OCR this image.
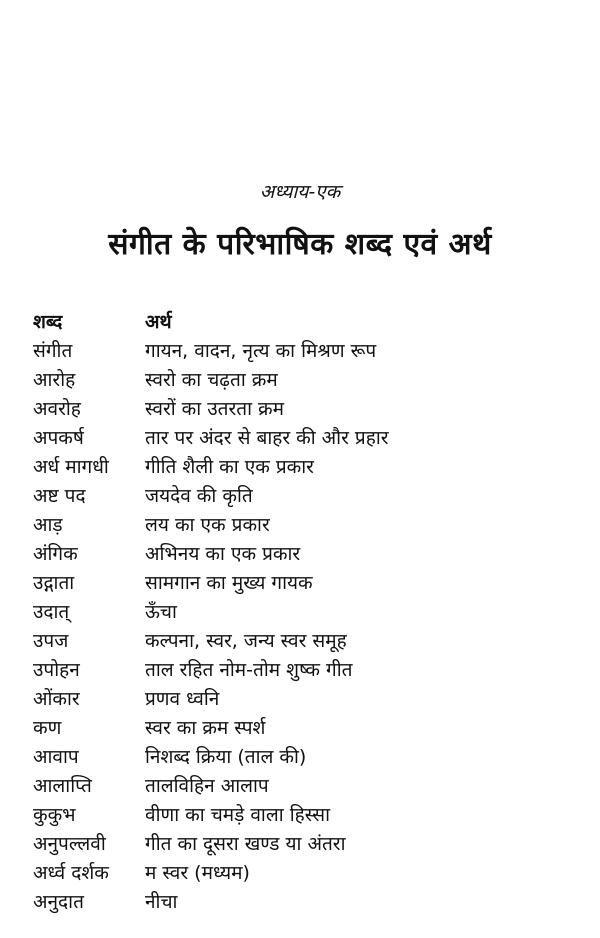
अध्याय-एक

संगीत के परिभाषिक शब्द एवं अर्थ
शब्द	अर्थ
संगीत	गायन, वादन, नृत्य का मिश्रण रूप
आरोह	स्वरो का चढ़ता क्रम
अवरोह	स्वरों का उतरता क्रम
अपकर्ष	तार पर अंदर से बाहर की और प्रहार
अर्ध मागधी	गीति शैली का एक प्रकार
अष्ट पद	जयदेव की कृति
आड़	लय का एक प्रकार
अंगिक	अभिनय का एक प्रकार
उद्गाता	सामगान का मुख्य गायक
उदात्	ऊँचा
उपज	कल्पना, स्वर, जन्य स्वर समूह
उपोहन	ताल रहित नोम-तोम शुष्क गीत
ओंकार	प्रणव ध्वनि
कण	स्वर का क्रम स्पर्श
आवाप	निशब्द क्रिया (ताल की)
आलाप्ति	तालविहिन आलाप
कुकुभ	वीणा का चमड़े वाला हिस्सा
अनुपल्लवी	गीत का दूसरा खण्ड या अंतरा
अर्ध्व दर्शक	म स्वर (मध्यम)
अनुदात	नीचा
